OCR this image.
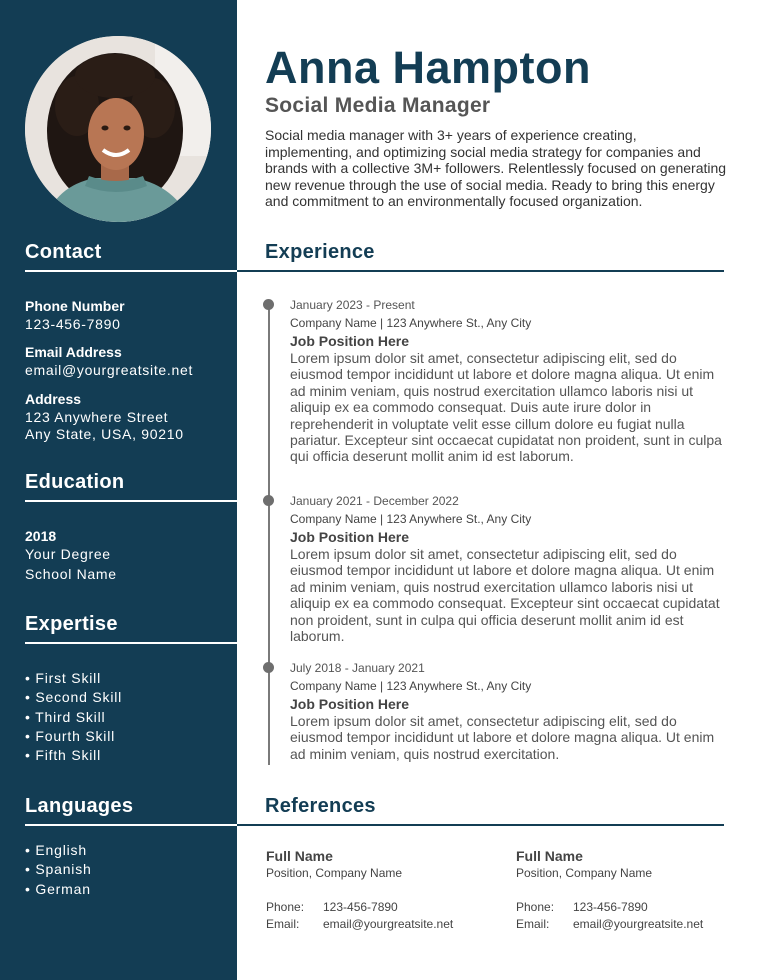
Contact
Phone Number
123-456-7890
Email Address
email@yourgreatsite.net
Address
123 Anywhere Street
Any State, USA, 90210
Education
2018
Your Degree
School Name
Expertise
• First Skill
• Second Skill
• Third Skill
• Fourth Skill
• Fifth Skill
Languages
• English
• Spanish
• German
Anna Hampton
Social Media Manager

Social media manager with 3+ years of experience creating, implementing, and optimizing social media strategy for companies and brands with a collective 3M+ followers. Relentlessly focused on generating new revenue through the use of social media. Ready to bring this energy and commitment to an environmentally focused organization.

Experience
January 2023 - Present
Company Name | 123 Anywhere St., Any City
Job Position Here

Lorem ipsum dolor sit amet, consectetur adipiscing elit, sed do eiusmod tempor incididunt ut labore et dolore magna aliqua. Ut enim ad minim veniam, quis nostrud exercitation ullamco laboris nisi ut aliquip ex ea commodo consequat. Duis aute irure dolor in reprehenderit in voluptate velit esse cillum dolore eu fugiat nulla pariatur. Excepteur sint occaecat cupidatat non proident, sunt in culpa qui officia deserunt mollit anim id est laborum.

January 2021 - December 2022
Company Name | 123 Anywhere St., Any City
Job Position Here

Lorem ipsum dolor sit amet, consectetur adipiscing elit, sed do eiusmod tempor incididunt ut labore et dolore magna aliqua. Ut enim ad minim veniam, quis nostrud exercitation ullamco laboris nisi ut aliquip ex ea commodo consequat. Excepteur sint occaecat cupidatat non proident, sunt in culpa qui officia deserunt mollit anim id est laborum.

July 2018 - January 2021
Company Name | 123 Anywhere St., Any City
Job Position Here

Lorem ipsum dolor sit amet, consectetur adipiscing elit, sed do eiusmod tempor incididunt ut labore et dolore magna aliqua. Ut enim ad minim veniam, quis nostrud exercitation.

References
Full Name
Position, Company Name
Phone:	123-456-7890
Email:	email@yourgreatsite.net
Full Name
Position, Company Name
Phone:	123-456-7890
Email:	email@yourgreatsite.net
